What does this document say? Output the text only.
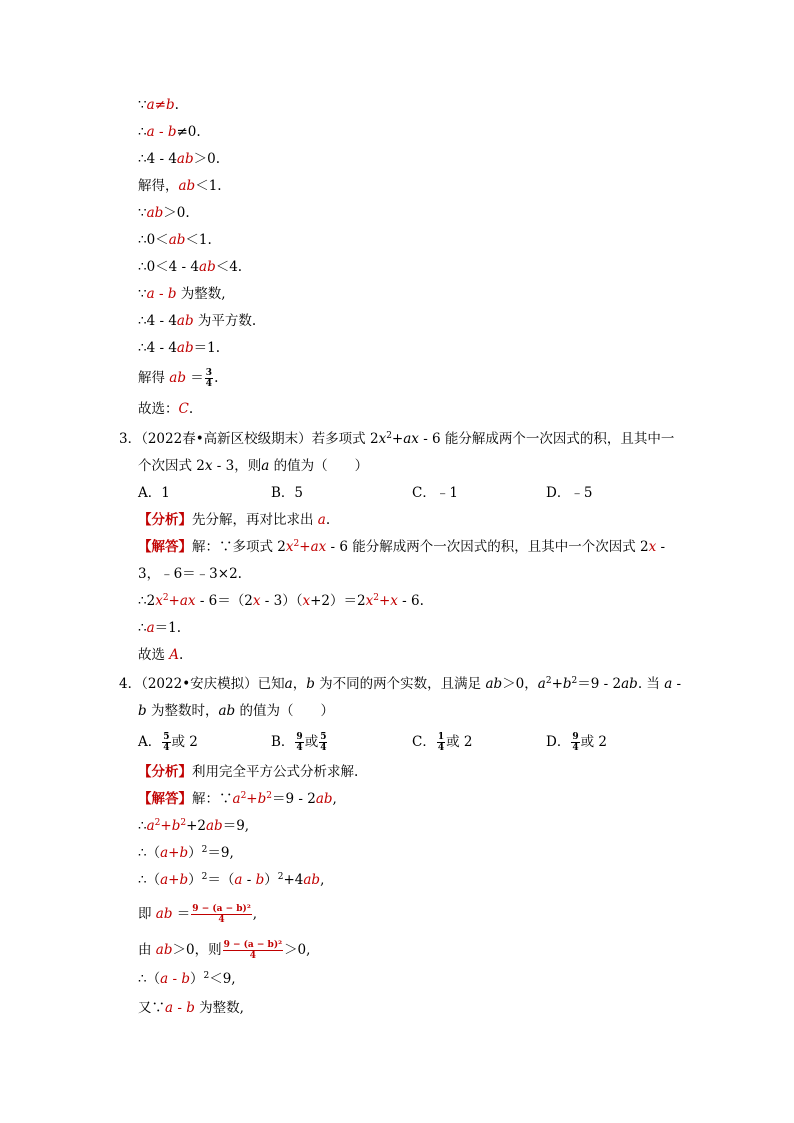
∵a≠b.
∴a - b≠0.
∴4 - 4ab＞0.
解得，ab＜1.
∵ab＞0.
∴0＜ab＜1.
∴0＜4 - 4ab＜4.
∵a - b 为整数,
∴4 - 4ab 为平方数.
∴4 - 4ab＝1.
解得 ab ＝ $\frac{3}{4}$ .
故选：C.
3．（2022春•高新区校级期末）若多项式 $2x^2+ax - 6$ 能分解成两个一次因式的积，且其中一
个次因式 2x - 3，则a 的值为（　　）
A．1	B．5	C．﹣1	D．﹣5
【分析】先分解，再对比求出 a.
【解答】解：∵多项式 $2x^2+ax - 6$ 能分解成两个一次因式的积，且其中一个次因式 2x -
3，﹣6＝﹣3×2.
$\therefore 2x^2+ax - 6=(2x - 3)(x+2)=2x^2+x - 6$.
∴a＝1.
故选 A.
4．（2022•安庆模拟）已知a，b 为不同的两个实数，且满足 ab＞0，$a^2+b^2=9 - 2ab$. 当 a -
b 为整数时，ab 的值为（　　）
A． $\frac{5}{4}$ 或 2	B． $\frac{9}{4}$ 或 $\frac{5}{4}$	C． $\frac{1}{4}$ 或 2	D． $\frac{9}{4}$ 或 2
【分析】利用完全平方公式分析求解.
【解答】解：$\because a^2+b^2=9 - 2ab$,
$\therefore a^2+b^2+2ab=9$,
$\therefore(a+b)^2=9$,
$\therefore(a+b)^2=(a - b)^2+4ab$,
即 ab ＝ $\frac{\text{9 − (a − b)²}}{4}$ ,
由 ab＞0，则 $\frac{\text{9 − (a − b)²}}{4} >0$,
∴（a - b）$^2$＜9,
又∵a - b 为整数,
